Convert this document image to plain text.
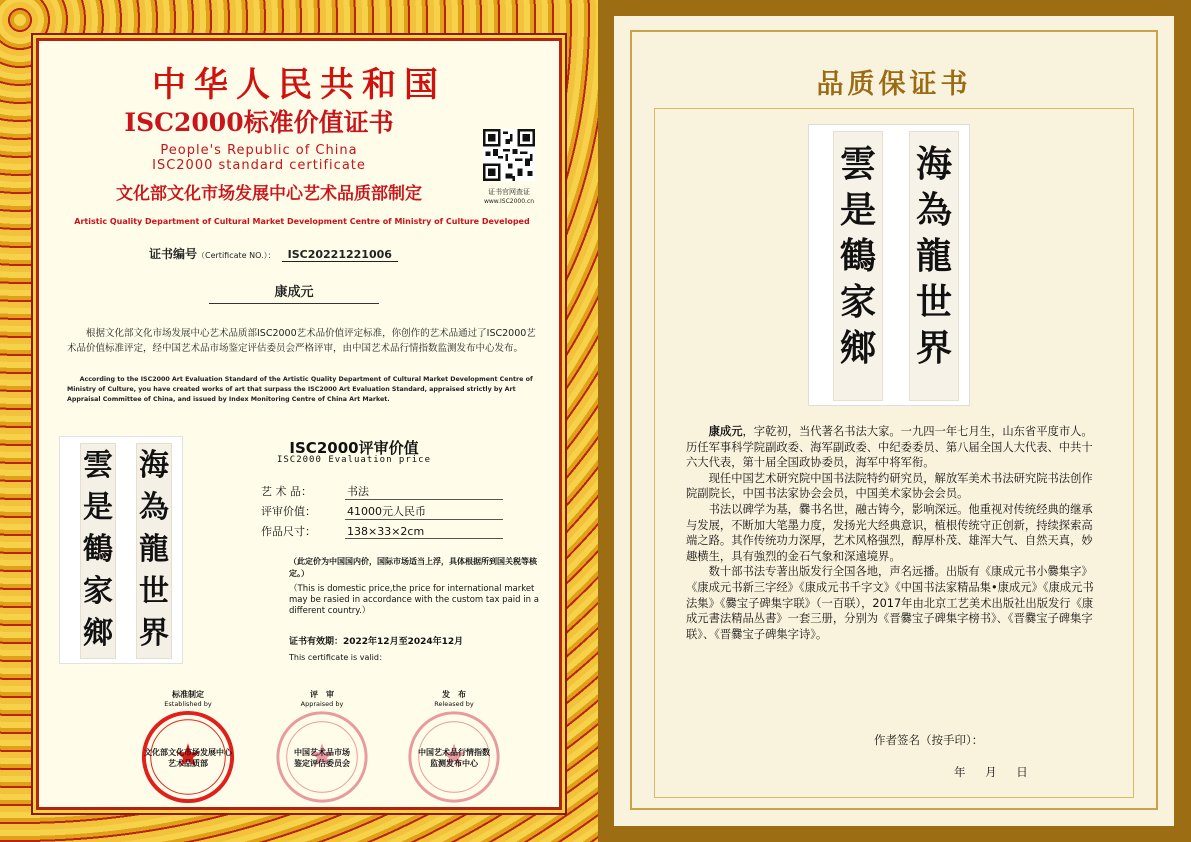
中华人民共和国
ISC2000标准价值证书
People's Republic of China
ISC2000 standard certificate
文化部文化市场发展中心艺术品质部制定
Artistic Quality Department of Cultural Market Development Centre of Ministry of Culture Developed
证书官网查证
www.ISC2000.cn
证书编号（Certificate NO.）： ISC20221221006
康成元
根据文化部文化市场发展中心艺术品质部ISC2000艺术品价值评定标准，你创作的艺术品通过了ISC2000艺术品价值标准评定，经中国艺术品市场鉴定评估委员会严格评审，由中国艺术品行情指数监测发布中心发布。
According to the ISC2000 Art Evaluation Standard of the Artistic Quality Department of Cultural Market Development Centre of Ministry of Culture, you have created works of art that surpass the ISC2000 Art Evaluation Standard, appraised strictly by Art Appraisal Committee of China, and issued by Index Monitoring Centre of China Art Market.
海
為
龍
世
界
雲
是
鶴
家
鄉
ISC2000评审价值
ISC2000 Evaluation price
艺 术 品：	书法
评审价值：	41000元人民币
作品尺寸：	138×33×2cm
（此定价为中国国内价，国际市场适当上浮，具体根据所到国关税等核定。）
（This is domestic price,the price for international market may be rasied in accordance with the custom tax paid in a different country.）
证书有效期：2022年12月至2024年12月
This certificate is valid：
标准制定
Established by
文化部文化市场发展中心
艺术品质部
评　审
Appraised by
中国艺术品市场
鉴定评估委员会
发　布
Released by
中国艺术品行情指数
监测发布中心
品质保证书
海
為
龍
世
界
雲
是
鶴
家
鄉

康成元，字乾初，当代著名书法大家。一九四一年七月生，山东省平度市人。历任军事科学院副政委、海军副政委、中纪委委员、第八届全国人大代表、中共十六大代表，第十届全国政协委员，海军中将军衔。

现任中国艺术研究院中国书法院特约研究员，解放军美术书法研究院书法创作院副院长，中国书法家协会会员，中国美术家协会会员。

书法以碑学为基，爨书名世，融古铸今，影响深远。他重视对传统经典的继承与发展，不断加大笔墨力度，发扬光大经典意识，植根传统守正创新，持续探索高端之路。其作传统功力深厚，艺术风格强烈，醇厚朴茂、雄浑大气、自然天真，妙趣横生，具有強烈的金石气象和深遠境界。

数十部书法专著出版发行全国各地，声名远播。出版有《康成元书小爨集字》《康成元书新三字经》《康成元书千字文》《中国书法家精品集•康成元》《康成元书法集》《爨宝子碑集字联》（一百联），2017年由北京工艺美术出版社出版发行《康成元書法精品丛書》一套三册，分别为《晋爨宝子碑集字榜书》、《晋爨宝子碑集字联》、《晋爨宝子碑集字诗》。

作者签名（按手印）：
年 月 日
